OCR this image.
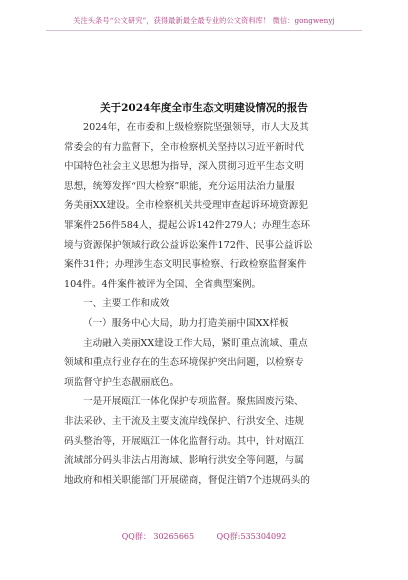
关注头条号“公文研究”，获得最新最全最专业的公文资料库！ 微信：gongwenyj
关于2024年度全市生态文明建设情况的报告
2024年，在市委和上级检察院坚强领导，市人大及其
常委会的有力监督下，全市检察机关坚持以习近平新时代
中国特色社会主义思想为指导，深入贯彻习近平生态文明
思想，统筹发挥“四大检察”职能，充分运用法治力量服
务美丽XX建设。全市检察机关共受理审查起诉环境资源犯
罪案件256件584人，提起公诉142件279人；办理生态环
境与资源保护领域行政公益诉讼案件172件、民事公益诉讼
案件31件；办理涉生态文明民事检察、行政检察监督案件
104件。4件案件被评为全国、全省典型案例。
一、主要工作和成效
（一）服务中心大局，助力打造美丽中国XX样板
主动融入美丽XX建设工作大局，紧盯重点流域、重点
领域和重点行业存在的生态环境保护突出问题，以检察专
项监督守护生态靓丽底色。
一是开展瓯江一体化保护专项监督。聚焦固废污染、
非法采砂、主干流及主要支流岸线保护、行洪安全、违规
码头整治等，开展瓯江一体化监督行动。其中，针对瓯江
流域部分码头非法占用海域、影响行洪安全等问题，与属
地政府和相关职能部门开展磋商，督促注销7个违规码头的
QQ群： 30265665	QQ群:535304092
